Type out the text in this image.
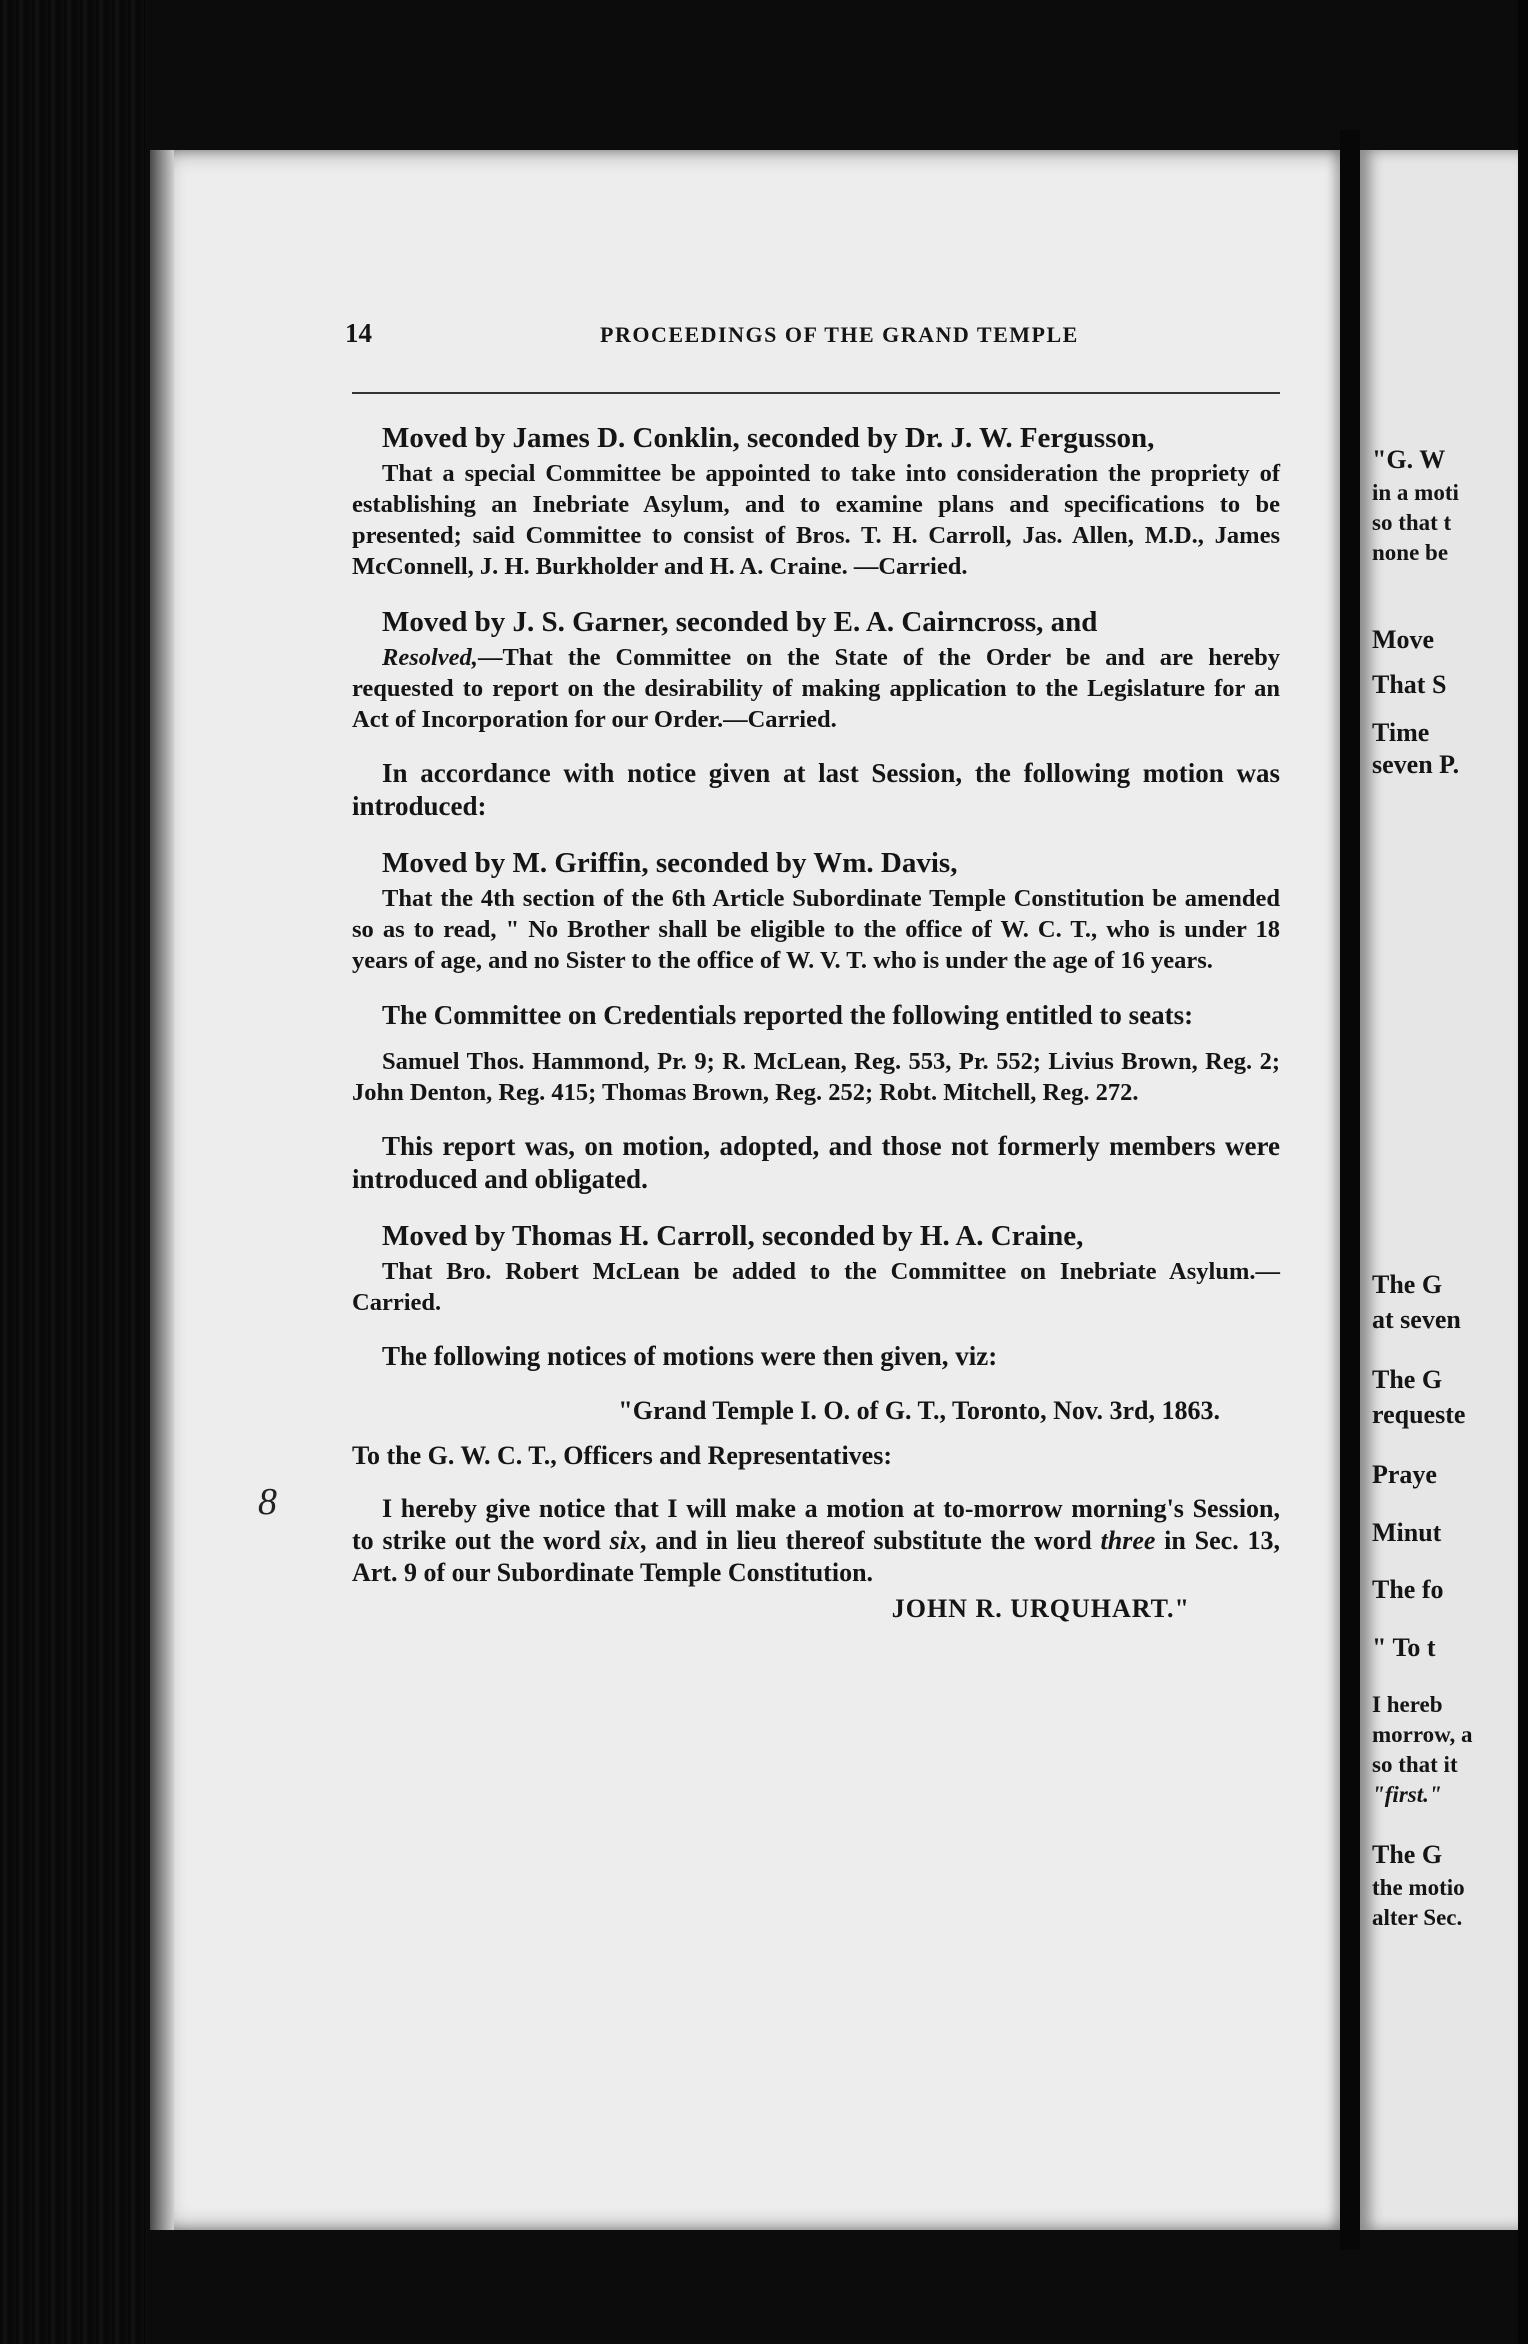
14	PROCEEDINGS OF THE GRAND TEMPLE

Moved by James D. Conklin, seconded by Dr. J. W. Fergusson,

That a special Committee be appointed to take into consideration the propriety of establishing an Inebriate Asylum, and to examine plans and specifications to be presented; said Committee to consist of Bros. T. H. Carroll, Jas. Allen, M.D., James McConnell, J. H. Burkholder and H. A. Craine. —Carried.

Moved by J. S. Garner, seconded by E. A. Cairncross, and

Resolved,—That the Committee on the State of the Order be and are hereby requested to report on the desirability of making application to the Legislature for an Act of Incorporation for our Order.—Carried.

In accordance with notice given at last Session, the following motion was introduced:

Moved by M. Griffin, seconded by Wm. Davis,

That the 4th section of the 6th Article Subordinate Temple Constitution be amended so as to read, " No Brother shall be eligible to the office of W. C. T., who is under 18 years of age, and no Sister to the office of W. V. T. who is under the age of 16 years.

The Committee on Credentials reported the following entitled to seats:

Samuel Thos. Hammond, Pr. 9; R. McLean, Reg. 553, Pr. 552; Livius Brown, Reg. 2; John Denton, Reg. 415; Thomas Brown, Reg. 252; Robt. Mitchell, Reg. 272.

This report was, on motion, adopted, and those not formerly members were introduced and obligated.

Moved by Thomas H. Carroll, seconded by H. A. Craine,

That Bro. Robert McLean be added to the Committee on Inebriate Asylum.—Carried.

The following notices of motions were then given, viz:

"Grand Temple I. O. of G. T., Toronto, Nov. 3rd, 1863.

To the G. W. C. T., Officers and Representatives:

I hereby give notice that I will make a motion at to-morrow morning's Session, to strike out the word six, and in lieu thereof substitute the word three in Sec. 13, Art. 9 of our Subordinate Temple Constitution.

JOHN R. URQUHART."

8
"G. W
in a moti
so that t
none be
Move
That S
Time
seven P.
The G
at seven
The G
requeste
Praye
Minut
The fo
" To t
I hereb
morrow, a
so that it
"first."
The G
the motio
alter Sec.
